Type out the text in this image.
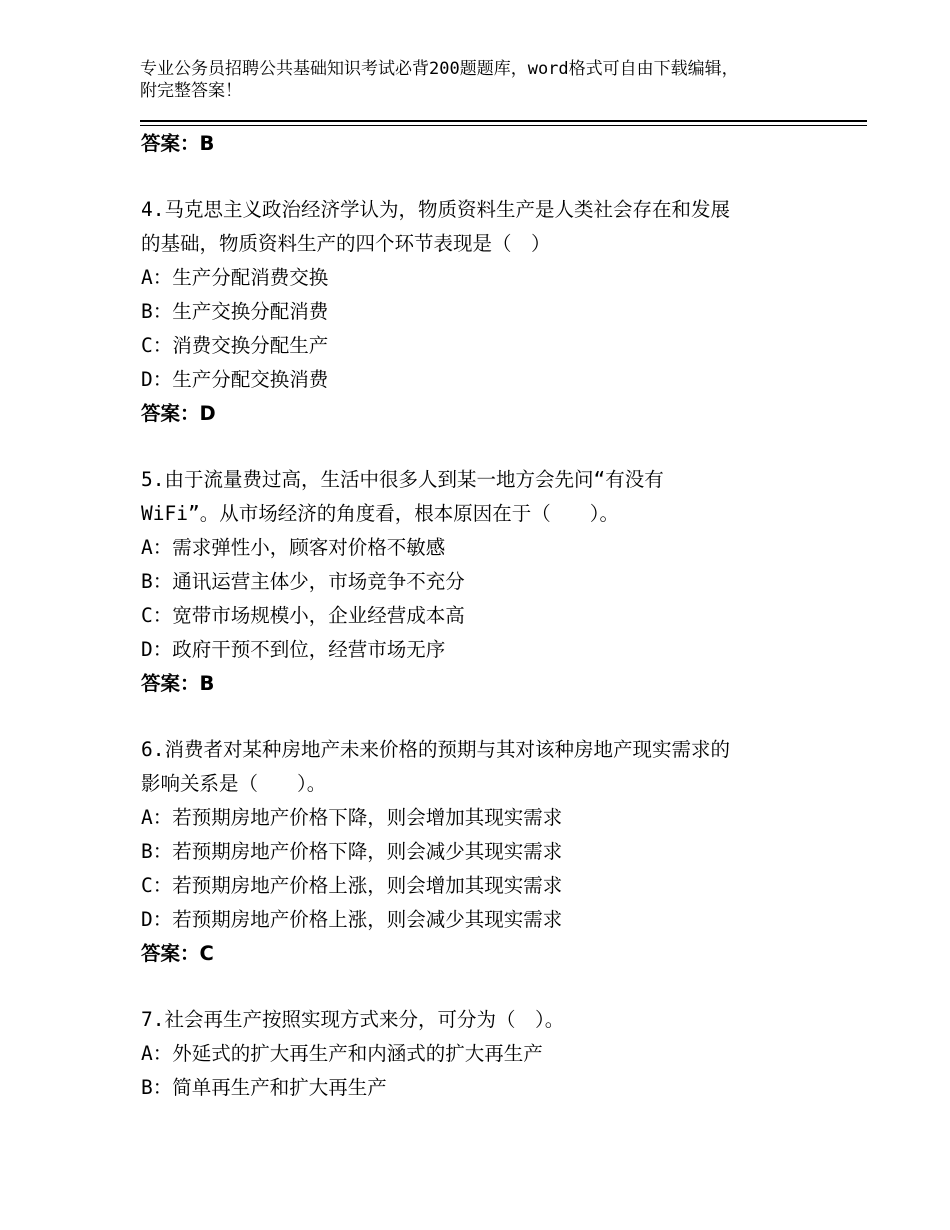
专业公务员招聘公共基础知识考试必背200题题库，word格式可自由下载编辑，
附完整答案！
答案：B
4.马克思主义政治经济学认为，物质资料生产是人类社会存在和发展
的基础，物质资料生产的四个环节表现是（　）
A：生产分配消费交换
B：生产交换分配消费
C：消费交换分配生产
D：生产分配交换消费
答案：D
5.由于流量费过高，生活中很多人到某一地方会先问“有没有
WiFi”。从市场经济的角度看，根本原因在于（　　）。
A：需求弹性小，顾客对价格不敏感
B：通讯运营主体少，市场竞争不充分
C：宽带市场规模小，企业经营成本高
D：政府干预不到位，经营市场无序
答案：B
6.消费者对某种房地产未来价格的预期与其对该种房地产现实需求的
影响关系是（　　）。
A：若预期房地产价格下降，则会增加其现实需求
B：若预期房地产价格下降，则会减少其现实需求
C：若预期房地产价格上涨，则会增加其现实需求
D：若预期房地产价格上涨，则会减少其现实需求
答案：C
7.社会再生产按照实现方式来分，可分为（　）。
A：外延式的扩大再生产和内涵式的扩大再生产
B：简单再生产和扩大再生产
